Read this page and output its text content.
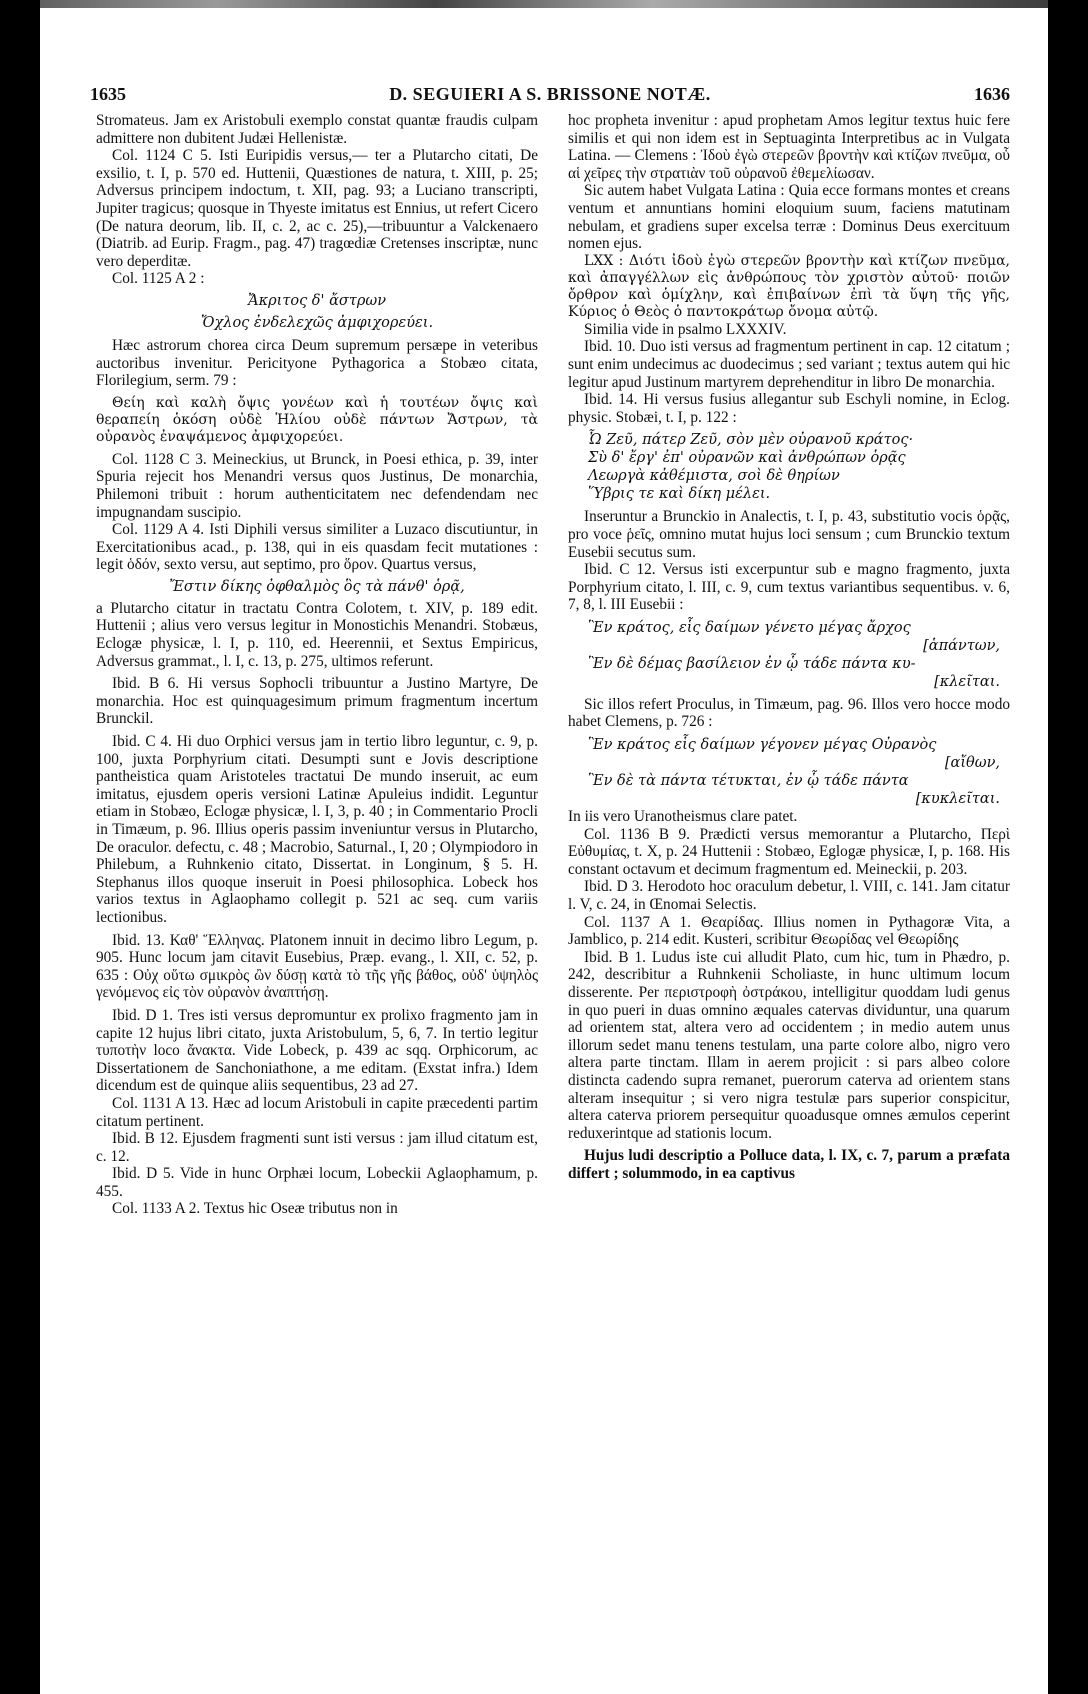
1635	D. SEGUIERI A S. BRISSONE NOTÆ.	1636

Stromateus. Jam ex Aristobuli exemplo constat quantæ fraudis culpam admittere non dubitent Judæi Hellenistæ.

Col. 1124 C 5. Isti Euripidis versus,— ter a Plutarcho citati, De exsilio, t. I, p. 570 ed. Huttenii, Quæstiones de natura, t. XIII, p. 25; Adversus principem indoctum, t. XII, pag. 93; a Luciano transcripti, Jupiter tragicus; quosque in Thyeste imitatus est Ennius, ut refert Cicero (De natura deorum, lib. II, c. 2, ac c. 25),—tribuuntur a Valckenaero (Diatrib. ad Eurip. Fragm., pag. 47) tragœdiæ Cretenses inscriptæ, nunc vero deperditæ.

Col. 1125 A 2 :

Ἄκριτος δ' ἄστρων

Ὄχλος ἐνδελεχῶς ἀμφιχορεύει.

Hæc astrorum chorea circa Deum supremum persæpe in veteribus auctoribus invenitur. Pericityone Pythagorica a Stobæo citata, Florilegium, serm. 79 :

Θείη καὶ καλὴ ὄψις γονέων καὶ ἡ τουτέων ὄψις καὶ θεραπείη ὁκόση οὐδὲ Ἡλίου οὐδὲ πάντων Ἄστρων, τὰ οὐρανὸς ἐναψάμενος ἀμφιχορεύει.

Col. 1128 C 3. Meineckius, ut Brunck, in Poesi ethica, p. 39, inter Spuria rejecit hos Menandri versus quos Justinus, De monarchia, Philemoni tribuit : horum authenticitatem nec defendendam nec impugnandam suscipio.

Col. 1129 A 4. Isti Diphili versus similiter a Luzaco discutiuntur, in Exercitationibus acad., p. 138, qui in eis quasdam fecit mutationes : legit ὁδόν, sexto versu, aut septimo, pro ὅρον. Quartus versus,

Ἔστιν δίκης ὀφθαλμὸς ὃς τὰ πάνθ' ὁρᾷ,

a Plutarcho citatur in tractatu Contra Colotem, t. XIV, p. 189 edit. Huttenii ; alius vero versus legitur in Monostichis Menandri. Stobæus, Eclogæ physicæ, l. I, p. 110, ed. Heerennii, et Sextus Empiricus, Adversus grammat., l. I, c. 13, p. 275, ultimos referunt.

Ibid. B 6. Hi versus Sophocli tribuuntur a Justino Martyre, De monarchia. Hoc est quinquagesimum primum fragmentum incertum Brunckil.

Ibid. C 4. Hi duo Orphici versus jam in tertio libro leguntur, c. 9, p. 100, juxta Porphyrium citati. Desumpti sunt e Jovis descriptione pantheistica quam Aristoteles tractatui De mundo inseruit, ac eum imitatus, ejusdem operis versioni Latinæ Apuleius indidit. Leguntur etiam in Stobæo, Eclogæ physicæ, l. I, 3, p. 40 ; in Commentario Procli in Timæum, p. 96. Illius operis passim inveniuntur versus in Plutarcho, De oraculor. defectu, c. 48 ; Macrobio, Saturnal., I, 20 ; Olympiodoro in Philebum, a Ruhnkenio citato, Dissertat. in Longinum, § 5. H. Stephanus illos quoque inseruit in Poesi philosophica. Lobeck hos varios textus in Aglaophamo collegit p. 521 ac seq. cum variis lectionibus.

Ibid. 13. Καθ' Ἕλληνας. Platonem innuit in decimo libro Legum, p. 905. Hunc locum jam citavit Eusebius, Præp. evang., l. XII, c. 52, p. 635 : Οὐχ οὕτω σμικρὸς ὢν δύσῃ κατὰ τὸ τῆς γῆς βάθος, οὐδ' ὑψηλὸς γενόμενος εἰς τὸν οὐρανὸν ἀναπτήσῃ.

Ibid. D 1. Tres isti versus depromuntur ex prolixo fragmento jam in capite 12 hujus libri citato, juxta Aristobulum, 5, 6, 7. In tertio legitur τυποτὴν loco ἄνακτα. Vide Lobeck, p. 439 ac sqq. Orphicorum, ac Dissertationem de Sanchoniathone, a me editam. (Exstat infra.) Idem dicendum est de quinque aliis sequentibus, 23 ad 27.

Col. 1131 A 13. Hæc ad locum Aristobuli in capite præcedenti partim citatum pertinent.

Ibid. B 12. Ejusdem fragmenti sunt isti versus : jam illud citatum est, c. 12.

Ibid. D 5. Vide in hunc Orphæi locum, Lobeckii Aglaophamum, p. 455.

Col. 1133 A 2. Textus hic Oseæ tributus non in

hoc propheta invenitur : apud prophetam Amos legitur textus huic fere similis et qui non idem est in Septuaginta Interpretibus ac in Vulgata Latina. — Clemens : Ἰδοὺ ἐγὼ στερεῶν βροντὴν καὶ κτίζων πνεῦμα, οὗ αἱ χεῖρες τὴν στρατιὰν τοῦ οὐρανοῦ ἐθεμελίωσαν.

Sic autem habet Vulgata Latina : Quia ecce formans montes et creans ventum et annuntians homini eloquium suum, faciens matutinam nebulam, et gradiens super excelsa terræ : Dominus Deus exercituum nomen ejus.

LXX : Διότι ἰδοὺ ἐγὼ στερεῶν βροντὴν καὶ κτίζων πνεῦμα, καὶ ἀπαγγέλλων εἰς ἀνθρώπους τὸν χριστὸν αὐτοῦ· ποιῶν ὄρθρον καὶ ὁμίχλην, καὶ ἐπιβαίνων ἐπὶ τὰ ὕψη τῆς γῆς, Κύριος ὁ Θεὸς ὁ παντοκράτωρ ὄνομα αὐτῷ.

Similia vide in psalmo LXXXIV.

Ibid. 10. Duo isti versus ad fragmentum pertinent in cap. 12 citatum ; sunt enim undecimus ac duodecimus ; sed variant ; textus autem qui hic legitur apud Justinum martyrem deprehenditur in libro De monarchia.

Ibid. 14. Hi versus fusius allegantur sub Eschyli nomine, in Eclog. physic. Stobæi, t. I, p. 122 :

Ὦ Ζεῦ, πάτερ Ζεῦ, σὸν μὲν οὐρανοῦ κράτος·

Σὺ δ' ἔργ' ἐπ' οὐρανῶν καὶ ἀνθρώπων ὁρᾷς

Λεωργὰ κἀθέμιστα, σοὶ δὲ θηρίων

Ὕβρις τε καὶ δίκη μέλει.

Inseruntur a Brunckio in Analectis, t. I, p. 43, substitutio vocis ὁρᾷς, pro voce ῥεῖς, omnino mutat hujus loci sensum ; cum Brunckio textum Eusebii secutus sum.

Ibid. C 12. Versus isti excerpuntur sub e magno fragmento, juxta Porphyrium citato, l. III, c. 9, cum textus variantibus sequentibus. v. 6, 7, 8, l. III Eusebii :

Ἓν κράτος, εἷς δαίμων γένετο μέγας ἄρχος

[ἁπάντων,

Ἓν δὲ δέμας βασίλειον ἐν ᾧ τάδε πάντα κυ-

[κλεῖται.

Sic illos refert Proculus, in Timæum, pag. 96. Illos vero hocce modo habet Clemens, p. 726 :

Ἓν κράτος εἷς δαίμων γέγονεν μέγας Οὐρανὸς

[αἴθων,

Ἓν δὲ τὰ πάντα τέτυκται, ἐν ᾧ τάδε πάντα

[κυκλεῖται.

In iis vero Uranotheismus clare patet.

Col. 1136 B 9. Prædicti versus memorantur a Plutarcho, Περὶ Εὐθυμίας, t. X, p. 24 Huttenii : Stobæo, Eglogæ physicæ, I, p. 168. His constant octavum et decimum fragmentum ed. Meineckii, p. 203.

Ibid. D 3. Herodoto hoc oraculum debetur, l. VIII, c. 141. Jam citatur l. V, c. 24, in Œnomai Selectis.

Col. 1137 A 1. Θεαρίδας. Illius nomen in Pythagoræ Vita, a Jamblico, p. 214 edit. Kusteri, scribitur Θεωρίδας vel Θεωρίδης

Ibid. B 1. Ludus iste cui alludit Plato, cum hic, tum in Phædro, p. 242, describitur a Ruhnkenii Scholiaste, in hunc ultimum locum disserente. Per περιστροφὴ ὀστράκου, intelligitur quoddam ludi genus in quo pueri in duas omnino æquales catervas dividuntur, una quarum ad orientem stat, altera vero ad occidentem ; in medio autem unus illorum sedet manu tenens testulam, una parte colore albo, nigro vero altera parte tinctam. Illam in aerem projicit : si pars albeo colore distincta cadendo supra remanet, puerorum caterva ad orientem stans alteram insequitur ; si vero nigra testulæ pars superior conspicitur, altera caterva priorem persequitur quoadusque omnes æmulos ceperint reduxerintque ad stationis locum.

Hujus ludi descriptio a Polluce data, l. IX, c. 7, parum a præfata differt ; solummodo, in ea captivus
